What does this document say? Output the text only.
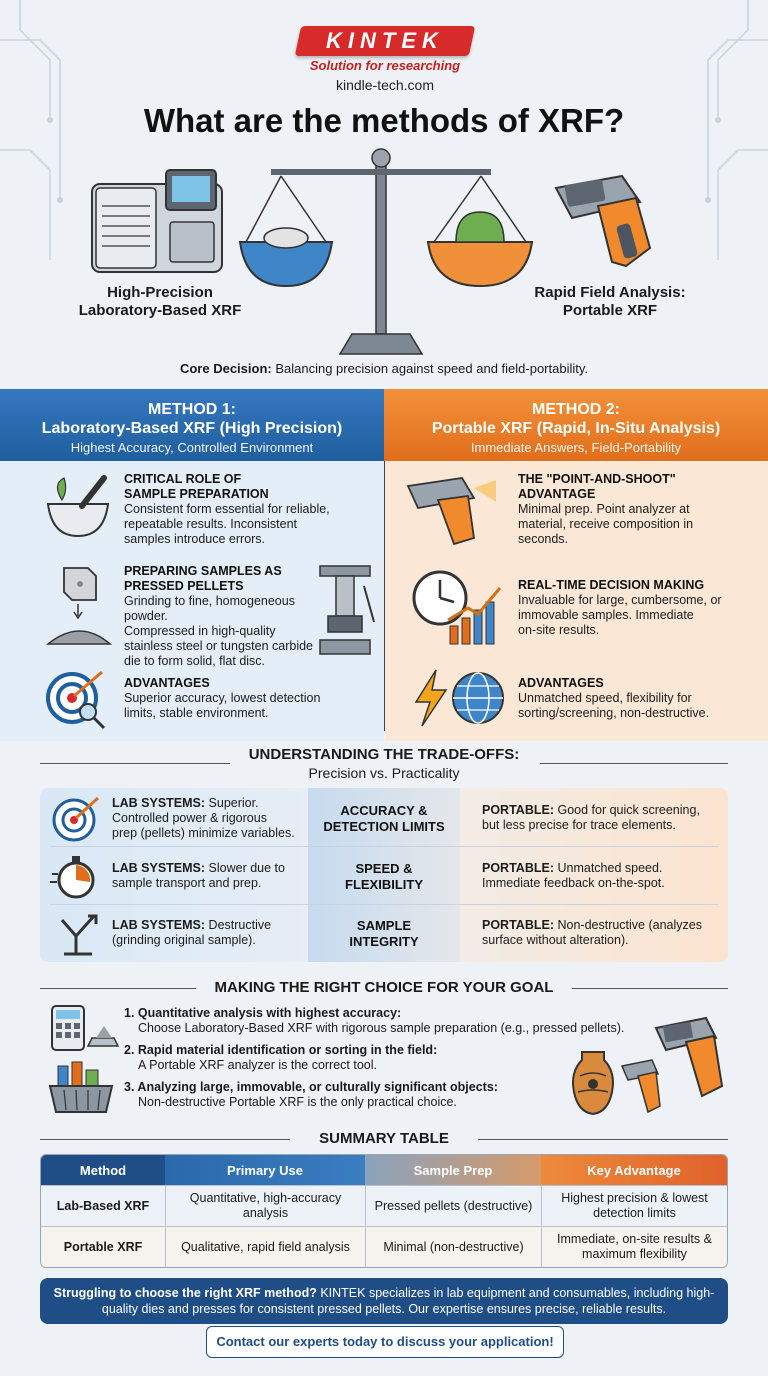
KINTEK
Solution for researching
kindle-tech.com
What are the methods of XRF?
High-Precision
Laboratory-Based XRF
Rapid Field Analysis:
Portable XRF
Core Decision: Balancing precision against speed and field-portability.
METHOD 1:
Laboratory-Based XRF (High Precision)
Highest Accuracy, Controlled Environment
METHOD 2:
Portable XRF (Rapid, In-Situ Analysis)
Immediate Answers, Field-Portability
CRITICAL ROLE OF
SAMPLE PREPARATION
Consistent form essential for reliable,
repeatable results. Inconsistent
samples introduce errors.
PREPARING SAMPLES AS
PRESSED PELLETS
Grinding to fine, homogeneous powder.
Compressed in high-quality
stainless steel or tungsten carbide
die to form solid, flat disc.
ADVANTAGES
Superior accuracy, lowest detection
limits, stable environment.
THE "POINT-AND-SHOOT"
ADVANTAGE
Minimal prep. Point analyzer at
material, receive composition in
seconds.
REAL-TIME DECISION MAKING
Invaluable for large, cumbersome, or
immovable samples. Immediate
on-site results.
ADVANTAGES
Unmatched speed, flexibility for
sorting/screening, non-destructive.
UNDERSTANDING THE TRADE-OFFS:
Precision vs. Practicality
LAB SYSTEMS: Superior.
Controlled power & rigorous
prep (pellets) minimize variables.
ACCURACY &
DETECTION LIMITS
PORTABLE: Good for quick screening,
but less precise for trace elements.
LAB SYSTEMS: Slower due to
sample transport and prep.
SPEED &
FLEXIBILITY
PORTABLE: Unmatched speed.
Immediate feedback on-the-spot.
LAB SYSTEMS: Destructive
(grinding original sample).
SAMPLE
INTEGRITY
PORTABLE: Non-destructive (analyzes
surface without alteration).
MAKING THE RIGHT CHOICE FOR YOUR GOAL
1. Quantitative analysis with highest accuracy:
Choose Laboratory-Based XRF with rigorous sample preparation (e.g., pressed pellets).
2. Rapid material identification or sorting in the field:
A Portable XRF analyzer is the correct tool.
3. Analyzing large, immovable, or culturally significant objects:
Non-destructive Portable XRF is the only practical choice.
SUMMARY TABLE
Method	Primary Use	Sample Prep	Key Advantage
Lab-Based XRF	Quantitative, high-accuracy analysis	Pressed pellets (destructive)	Highest precision & lowest detection limits
Portable XRF	Qualitative, rapid field analysis	Minimal (non-destructive)	Immediate, on-site results & maximum flexibility
Struggling to choose the right XRF method? KINTEK specializes in lab equipment and consumables, including high-quality dies and presses for consistent pressed pellets. Our expertise ensures precise, reliable results.
Contact our experts today to discuss your application!
